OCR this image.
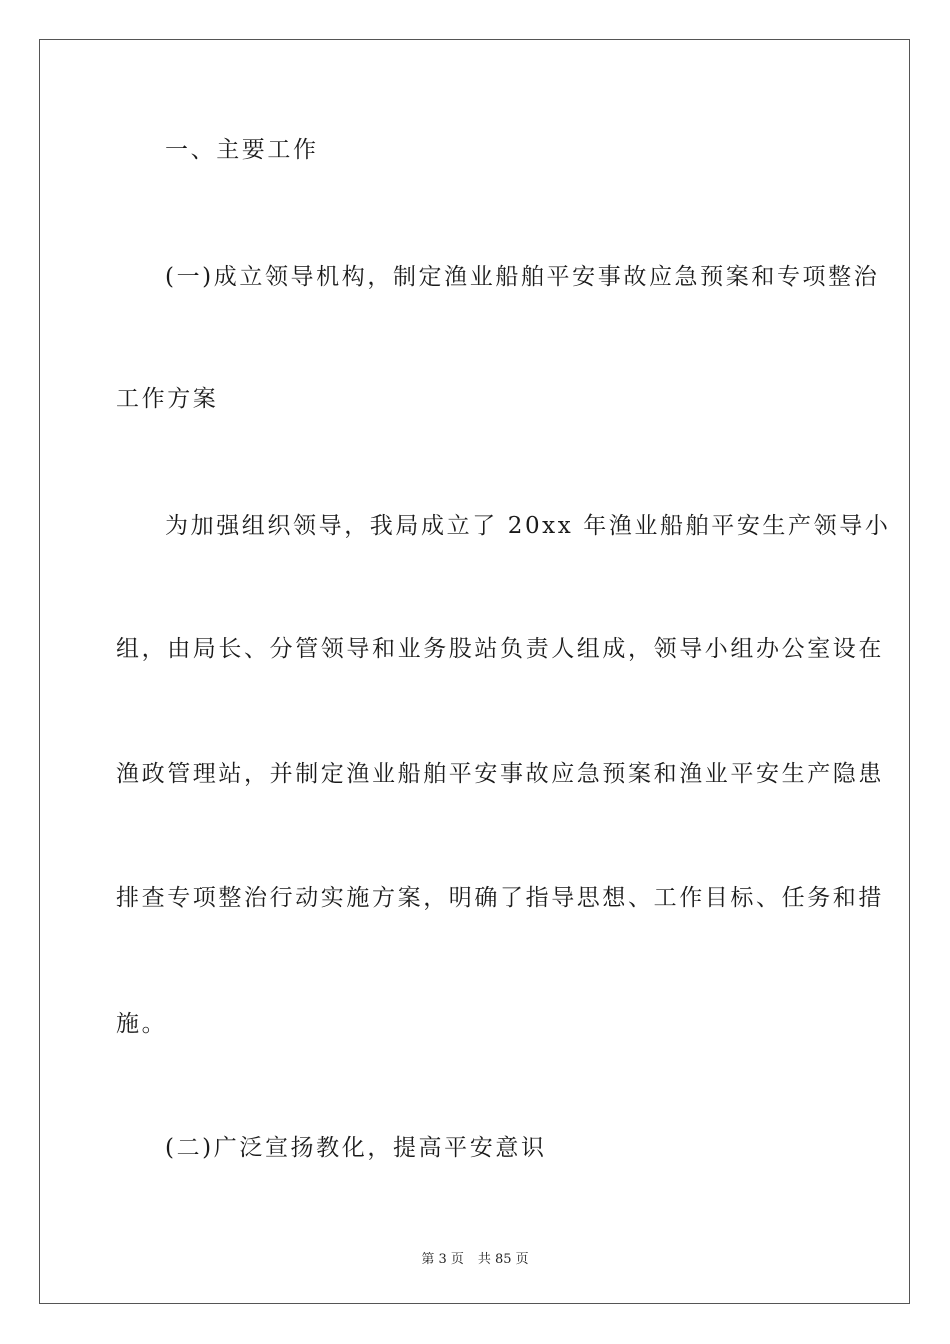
一、主要工作
(一)成立领导机构，制定渔业船舶平安事故应急预案和专项整治
工作方案
为加强组织领导，我局成立了 20xx 年渔业船舶平安生产领导小
组，由局长、分管领导和业务股站负责人组成，领导小组办公室设在
渔政管理站，并制定渔业船舶平安事故应急预案和渔业平安生产隐患
排查专项整治行动实施方案，明确了指导思想、工作目标、任务和措
施。
(二)广泛宣扬教化，提高平安意识
第 3 页 共 85 页
